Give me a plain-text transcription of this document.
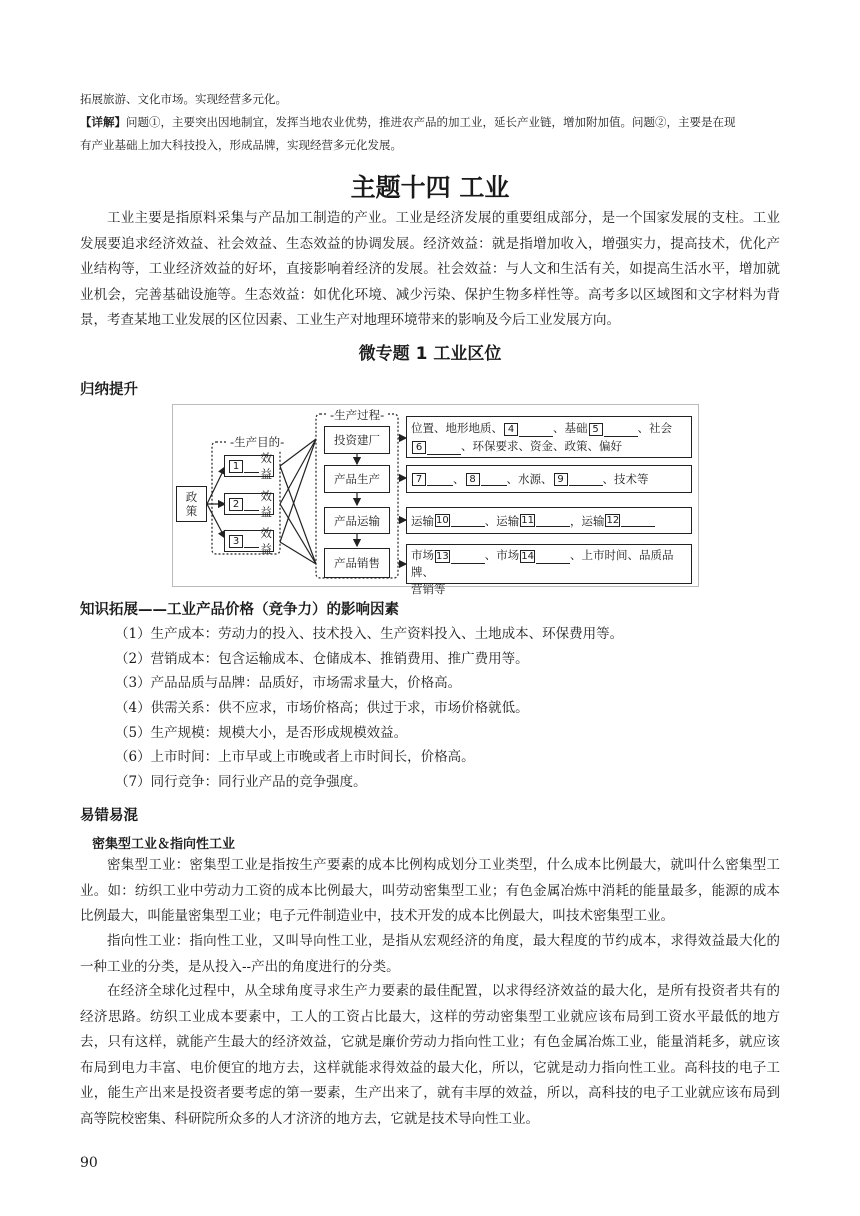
拓展旅游、文化市场。实现经营多元化。
【详解】问题①，主要突出因地制宜，发挥当地农业优势，推进农产品的加工业，延长产业链，增加附加值。问题②，主要是在现
有产业基础上加大科技投入，形成品牌，实现经营多元化发展。
主题十四 工业
工业主要是指原料采集与产品加工制造的产业。工业是经济发展的重要组成部分，是一个国家发展的支柱。工业发展要追求经济效益、社会效益、生态效益的协调发展。经济效益：就是指增加收入，增强实力，提高技术，优化产业结构等，工业经济效益的好坏，直接影响着经济的发展。社会效益：与人文和生活有关，如提高生活水平，增加就业机会，完善基础设施等。生态效益：如优化环境、减少污染、保护生物多样性等。高考多以区域图和文字材料为背景，考查某地工业发展的区位因素、工业生产对地理环境带来的影响及今后工业发展方向。
微专题 1 工业区位
归纳提升
政策
-生产目的-
1
效益
2
效益
3
效益
-生产过程-
投资建厂
产品生产
产品运输
产品销售
位置、地形地质、 4	、基础 5	、社会
6	、环保要求、资金、政策、偏好
7	、 8	、水源、 9	、技术等
运输 10	、运输 11	，运输 12
市场 13	、市场 14	、上市时间、品质品牌、
营销等
知识拓展——工业产品价格（竞争力）的影响因素
（1）生产成本：劳动力的投入、技术投入、生产资料投入、土地成本、环保费用等。
（2）营销成本：包含运输成本、仓储成本、推销费用、推广费用等。
（3）产品品质与品牌：品质好，市场需求量大，价格高。
（4）供需关系：供不应求，市场价格高；供过于求，市场价格就低。
（5）生产规模：规模大小，是否形成规模效益。
（6）上市时间：上市早或上市晚或者上市时间长，价格高。
（7）同行竞争：同行业产品的竞争强度。
易错易混
密集型工业＆指向性工业
密集型工业：密集型工业是指按生产要素的成本比例构成划分工业类型，什么成本比例最大，就叫什么密集型工业。如：纺织工业中劳动力工资的成本比例最大，叫劳动密集型工业；有色金属冶炼中消耗的能量最多，能源的成本比例最大，叫能量密集型工业；电子元件制造业中，技术开发的成本比例最大，叫技术密集型工业。
指向性工业：指向性工业，又叫导向性工业，是指从宏观经济的角度，最大程度的节约成本，求得效益最大化的一种工业的分类，是从投入--产出的角度进行的分类。
在经济全球化过程中，从全球角度寻求生产力要素的最佳配置，以求得经济效益的最大化，是所有投资者共有的经济思路。纺织工业成本要素中，工人的工资占比最大，这样的劳动密集型工业就应该布局到工资水平最低的地方去，只有这样，就能产生最大的经济效益，它就是廉价劳动力指向性工业；有色金属冶炼工业，能量消耗多，就应该布局到电力丰富、电价便宜的地方去，这样就能求得效益的最大化，所以，它就是动力指向性工业。高科技的电子工业，能生产出来是投资者要考虑的第一要素，生产出来了，就有丰厚的效益，所以，高科技的电子工业就应该布局到高等院校密集、科研院所众多的人才济济的地方去，它就是技术导向性工业。
90
